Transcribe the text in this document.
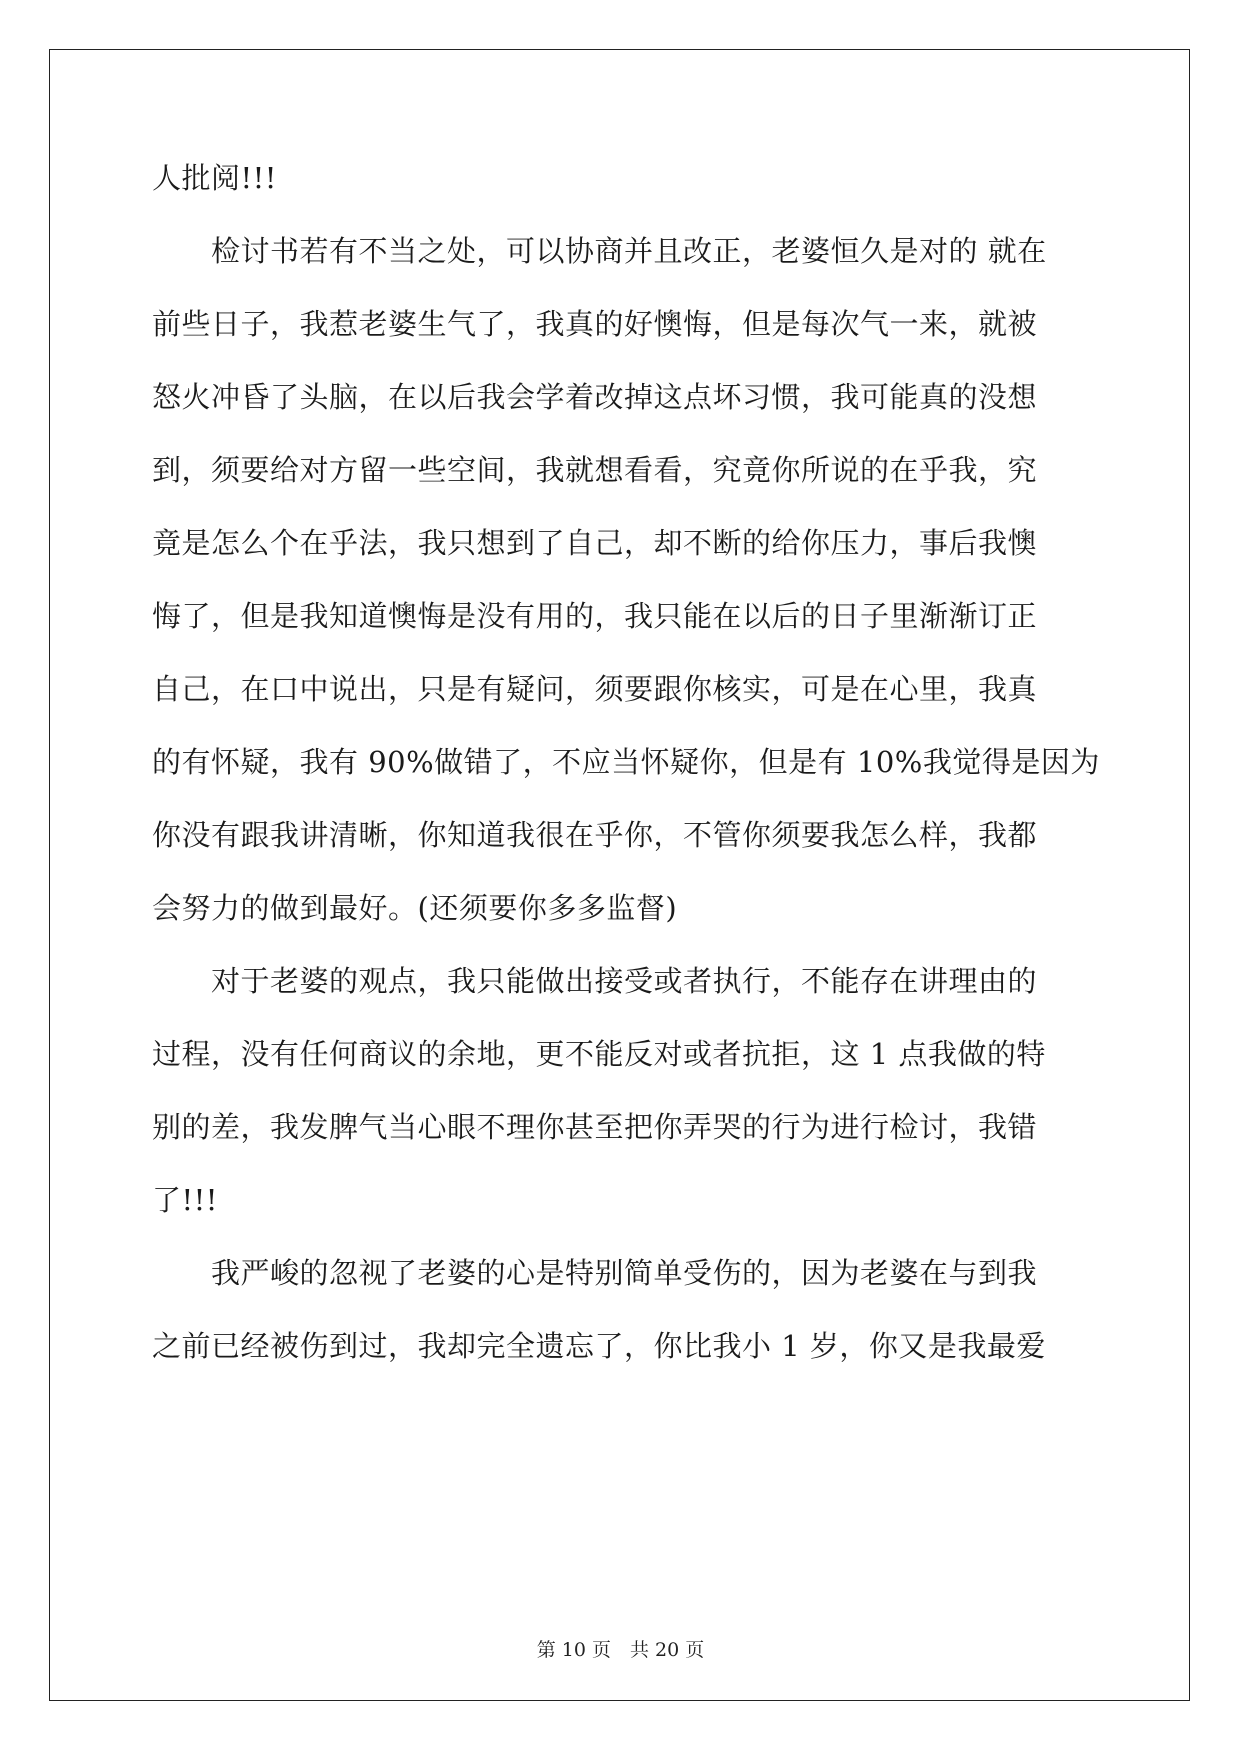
人批阅!!!
　　检讨书若有不当之处，可以协商并且改正，老婆恒久是对的 就在
前些日子，我惹老婆生气了，我真的好懊悔，但是每次气一来，就被
怒火冲昏了头脑，在以后我会学着改掉这点坏习惯，我可能真的没想
到，须要给对方留一些空间，我就想看看，究竟你所说的在乎我，究
竟是怎么个在乎法，我只想到了自己，却不断的给你压力，事后我懊
悔了，但是我知道懊悔是没有用的，我只能在以后的日子里渐渐订正
自己，在口中说出，只是有疑问，须要跟你核实，可是在心里，我真
的有怀疑，我有 90%做错了，不应当怀疑你，但是有 10%我觉得是因为
你没有跟我讲清晰，你知道我很在乎你，不管你须要我怎么样，我都
会努力的做到最好。(还须要你多多监督)
　　对于老婆的观点，我只能做出接受或者执行，不能存在讲理由的
过程，没有任何商议的余地，更不能反对或者抗拒，这 1 点我做的特
别的差，我发脾气当心眼不理你甚至把你弄哭的行为进行检讨，我错
了!!!
　　我严峻的忽视了老婆的心是特别简单受伤的，因为老婆在与到我
之前已经被伤到过，我却完全遗忘了，你比我小 1 岁，你又是我最爱
第 10 页　共 20 页
